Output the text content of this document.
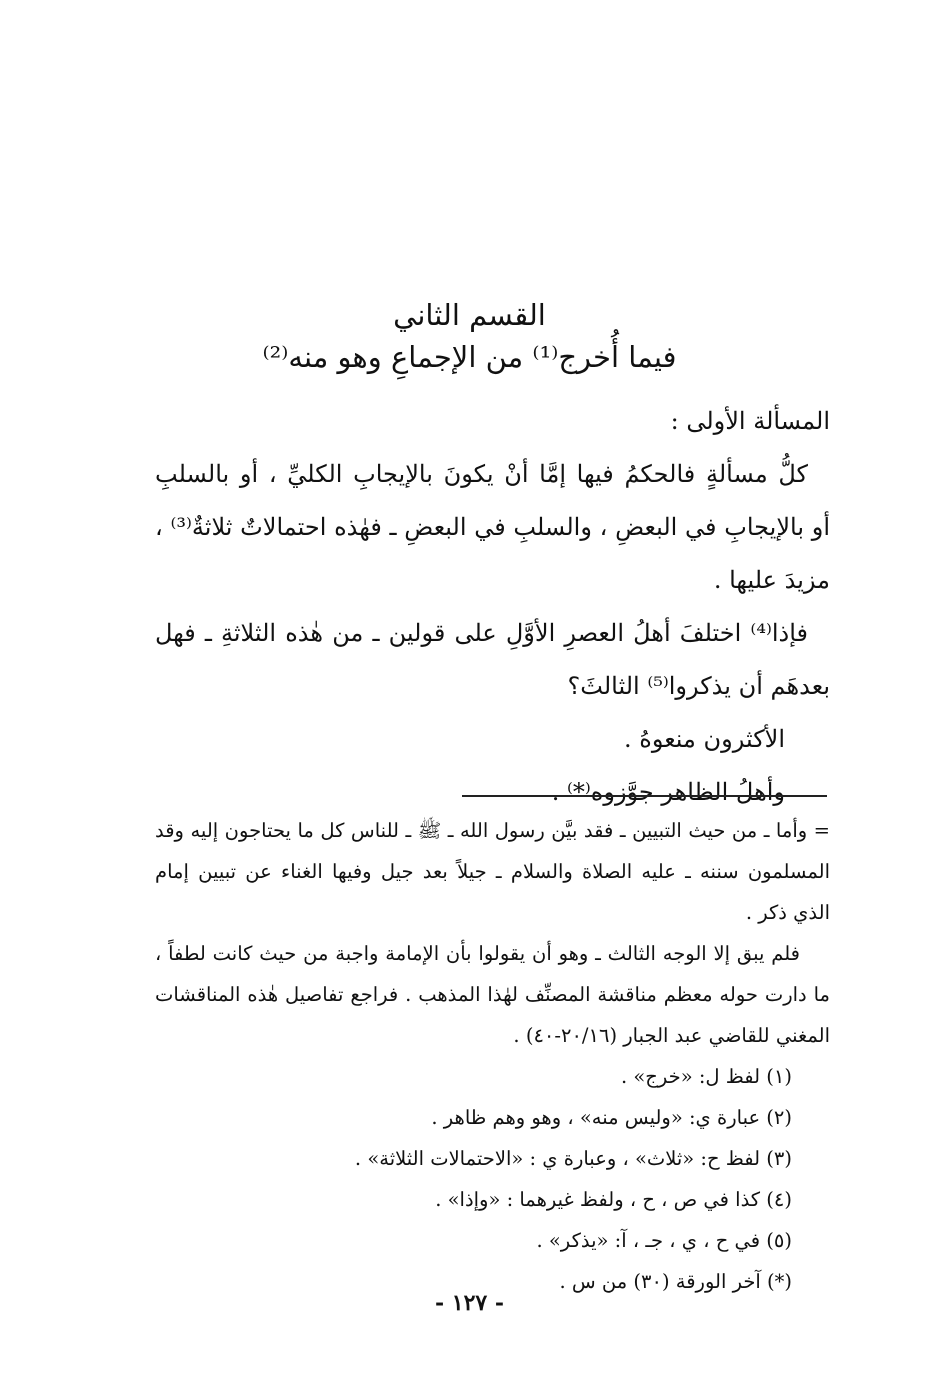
القسم الثاني
فيما أُخرج⁽¹⁾ من الإجماعِ وهو منه⁽²⁾
المسألة الأولى :
كلُّ مسألةٍ فالحكمُ فيها إمَّا أنْ يكونَ بالإيجابِ الكليِّ ، أو بالسلبِ
أو بالإيجابِ في البعضِ ، والسلبِ في البعضِ ـ فهٰذه احتمالاتٌ ثلاثةٌ⁽³⁾ ،
مزيدَ عليها .
فإذا⁽⁴⁾ اختلفَ أهلُ العصرِ الأوَّلِ على قولين ـ من هٰذه الثلاثةِ ـ فهل
بعدهَم أن يذكروا⁽⁵⁾ الثالثَ؟
الأكثرون منعوهُ .
وأهلُ الظاهر جوَّزوه⁽*⁾ .
= وأما ـ من حيث التبيين ـ فقد بيَّن رسول الله ـ ﷺ ـ للناس كل ما يحتاجون إليه وقد
المسلمون سننه ـ عليه الصلاة والسلام ـ جيلاً بعد جيل وفيها الغناء عن تبيين إمام
الذي ذكر .
فلم يبق إلا الوجه الثالث ـ وهو أن يقولوا بأن الإمامة واجبة من حيث كانت لطفاً ،
ما دارت حوله معظم مناقشة المصنِّف لهٰذا المذهب . فراجع تفاصيل هٰذه المناقشات
المغني للقاضي عبد الجبار (٢٠/١٦-٤٠) .
(١) لفظ ل: «خرج» .
(٢) عبارة ي: «وليس منه» ، وهو وهم ظاهر .
(٣) لفظ ح: «ثلاث» ، وعبارة ي : «الاحتمالات الثلاثة» .
(٤) كذا في ص ، ح ، ولفظ غيرهما : «وإذا» .
(٥) في ح ، ي ، جـ ، آ: «يذكر» .
(*) آخر الورقة (٣٠) من س .
- ١٢٧ -
